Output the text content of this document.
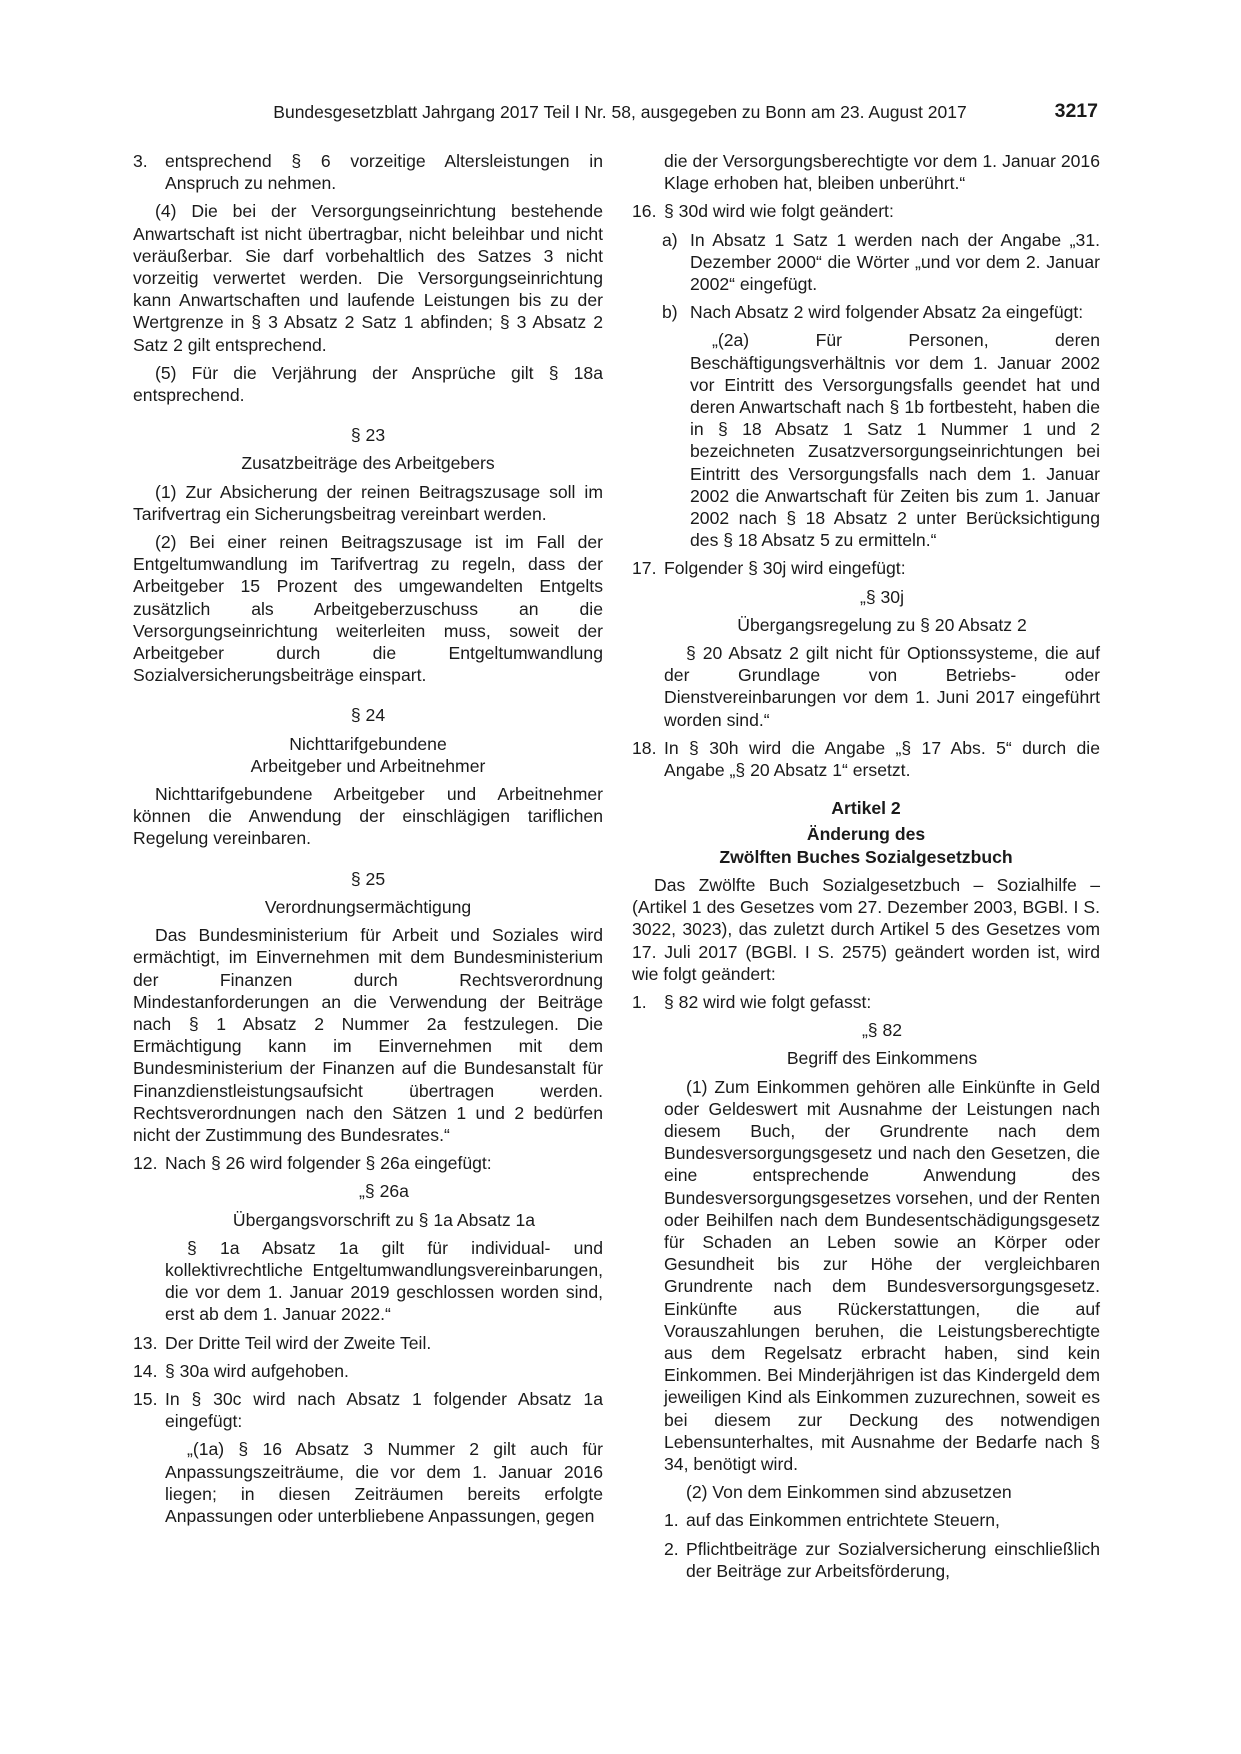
Bundesgesetzblatt Jahrgang 2017 Teil I Nr. 58, ausgegeben zu Bonn am 23. August 2017	3217
3. entsprechend § 6 vorzeitige Altersleistungen in Anspruch zu nehmen.

(4) Die bei der Versorgungseinrichtung bestehende Anwartschaft ist nicht übertragbar, nicht beleihbar und nicht veräußerbar. Sie darf vorbehaltlich des Satzes 3 nicht vorzeitig verwertet werden. Die Versorgungseinrichtung kann Anwartschaften und laufende Leistungen bis zu der Wertgrenze in § 3 Absatz 2 Satz 1 abfinden; § 3 Absatz 2 Satz 2 gilt entsprechend.

(5) Für die Verjährung der Ansprüche gilt § 18a entsprechend.

§ 23
Zusatzbeiträge des Arbeitgebers

(1) Zur Absicherung der reinen Beitragszusage soll im Tarifvertrag ein Sicherungsbeitrag vereinbart werden.

(2) Bei einer reinen Beitragszusage ist im Fall der Entgeltumwandlung im Tarifvertrag zu regeln, dass der Arbeitgeber 15 Prozent des umgewandelten Entgelts zusätzlich als Arbeitgeberzuschuss an die Versorgungseinrichtung weiterleiten muss, soweit der Arbeitgeber durch die Entgeltumwandlung Sozialversicherungsbeiträge einspart.

§ 24
Nichttarifgebundene
Arbeitgeber und Arbeitnehmer

Nichttarifgebundene Arbeitgeber und Arbeitnehmer können die Anwendung der einschlägigen tariflichen Regelung vereinbaren.

§ 25
Verordnungsermächtigung

Das Bundesministerium für Arbeit und Soziales wird ermächtigt, im Einvernehmen mit dem Bundesministerium der Finanzen durch Rechtsverordnung Mindestanforderungen an die Verwendung der Beiträge nach § 1 Absatz 2 Nummer 2a festzulegen. Die Ermächtigung kann im Einvernehmen mit dem Bundesministerium der Finanzen auf die Bundesanstalt für Finanzdienstleistungsaufsicht übertragen werden. Rechtsverordnungen nach den Sätzen 1 und 2 bedürfen nicht der Zustimmung des Bundesrates.“

12. Nach § 26 wird folgender § 26a eingefügt:
„§ 26a
Übergangsvorschrift zu § 1a Absatz 1a

§ 1a Absatz 1a gilt für individual- und kollektivrechtliche Entgeltumwandlungsvereinbarungen, die vor dem 1. Januar 2019 geschlossen worden sind, erst ab dem 1. Januar 2022.“

13. Der Dritte Teil wird der Zweite Teil.
14. § 30a wird aufgehoben.
15. In § 30c wird nach Absatz 1 folgender Absatz 1a eingefügt:

„(1a) § 16 Absatz 3 Nummer 2 gilt auch für Anpassungszeiträume, die vor dem 1. Januar 2016 liegen; in diesen Zeiträumen bereits erfolgte Anpassungen oder unterbliebene Anpassungen, gegen

die der Versorgungsberechtigte vor dem 1. Januar 2016 Klage erhoben hat, bleiben unberührt.“

16. § 30d wird wie folgt geändert:
a) In Absatz 1 Satz 1 werden nach der Angabe „31. Dezember 2000“ die Wörter „und vor dem 2. Januar 2002“ eingefügt.
b) Nach Absatz 2 wird folgender Absatz 2a eingefügt:

„(2a) Für Personen, deren Beschäftigungsverhältnis vor dem 1. Januar 2002 vor Eintritt des Versorgungsfalls geendet hat und deren Anwartschaft nach § 1b fortbesteht, haben die in § 18 Absatz 1 Satz 1 Nummer 1 und 2 bezeichneten Zusatzversorgungseinrichtungen bei Eintritt des Versorgungsfalls nach dem 1. Januar 2002 die Anwartschaft für Zeiten bis zum 1. Januar 2002 nach § 18 Absatz 2 unter Berücksichtigung des § 18 Absatz 5 zu ermitteln.“

17. Folgender § 30j wird eingefügt:
„§ 30j
Übergangsregelung zu § 20 Absatz 2

§ 20 Absatz 2 gilt nicht für Optionssysteme, die auf der Grundlage von Betriebs- oder Dienstvereinbarungen vor dem 1. Juni 2017 eingeführt worden sind.“

18. In § 30h wird die Angabe „§ 17 Abs. 5“ durch die Angabe „§ 20 Absatz 1“ ersetzt.
Artikel 2
Änderung des
Zwölften Buches Sozialgesetzbuch

Das Zwölfte Buch Sozialgesetzbuch – Sozialhilfe – (Artikel 1 des Gesetzes vom 27. Dezember 2003, BGBl. I S. 3022, 3023), das zuletzt durch Artikel 5 des Gesetzes vom 17. Juli 2017 (BGBl. I S. 2575) geändert worden ist, wird wie folgt geändert:

1. § 82 wird wie folgt gefasst:
„§ 82
Begriff des Einkommens

(1) Zum Einkommen gehören alle Einkünfte in Geld oder Geldeswert mit Ausnahme der Leistungen nach diesem Buch, der Grundrente nach dem Bundesversorgungsgesetz und nach den Gesetzen, die eine entsprechende Anwendung des Bundesversorgungsgesetzes vorsehen, und der Renten oder Beihilfen nach dem Bundesentschädigungsgesetz für Schaden an Leben sowie an Körper oder Gesundheit bis zur Höhe der vergleichbaren Grundrente nach dem Bundesversorgungsgesetz. Einkünfte aus Rückerstattungen, die auf Vorauszahlungen beruhen, die Leistungsberechtigte aus dem Regelsatz erbracht haben, sind kein Einkommen. Bei Minderjährigen ist das Kindergeld dem jeweiligen Kind als Einkommen zuzurechnen, soweit es bei diesem zur Deckung des notwendigen Lebensunterhaltes, mit Ausnahme der Bedarfe nach § 34, benötigt wird.

(2) Von dem Einkommen sind abzusetzen

1. auf das Einkommen entrichtete Steuern,
2. Pflichtbeiträge zur Sozialversicherung einschließlich der Beiträge zur Arbeitsförderung,
